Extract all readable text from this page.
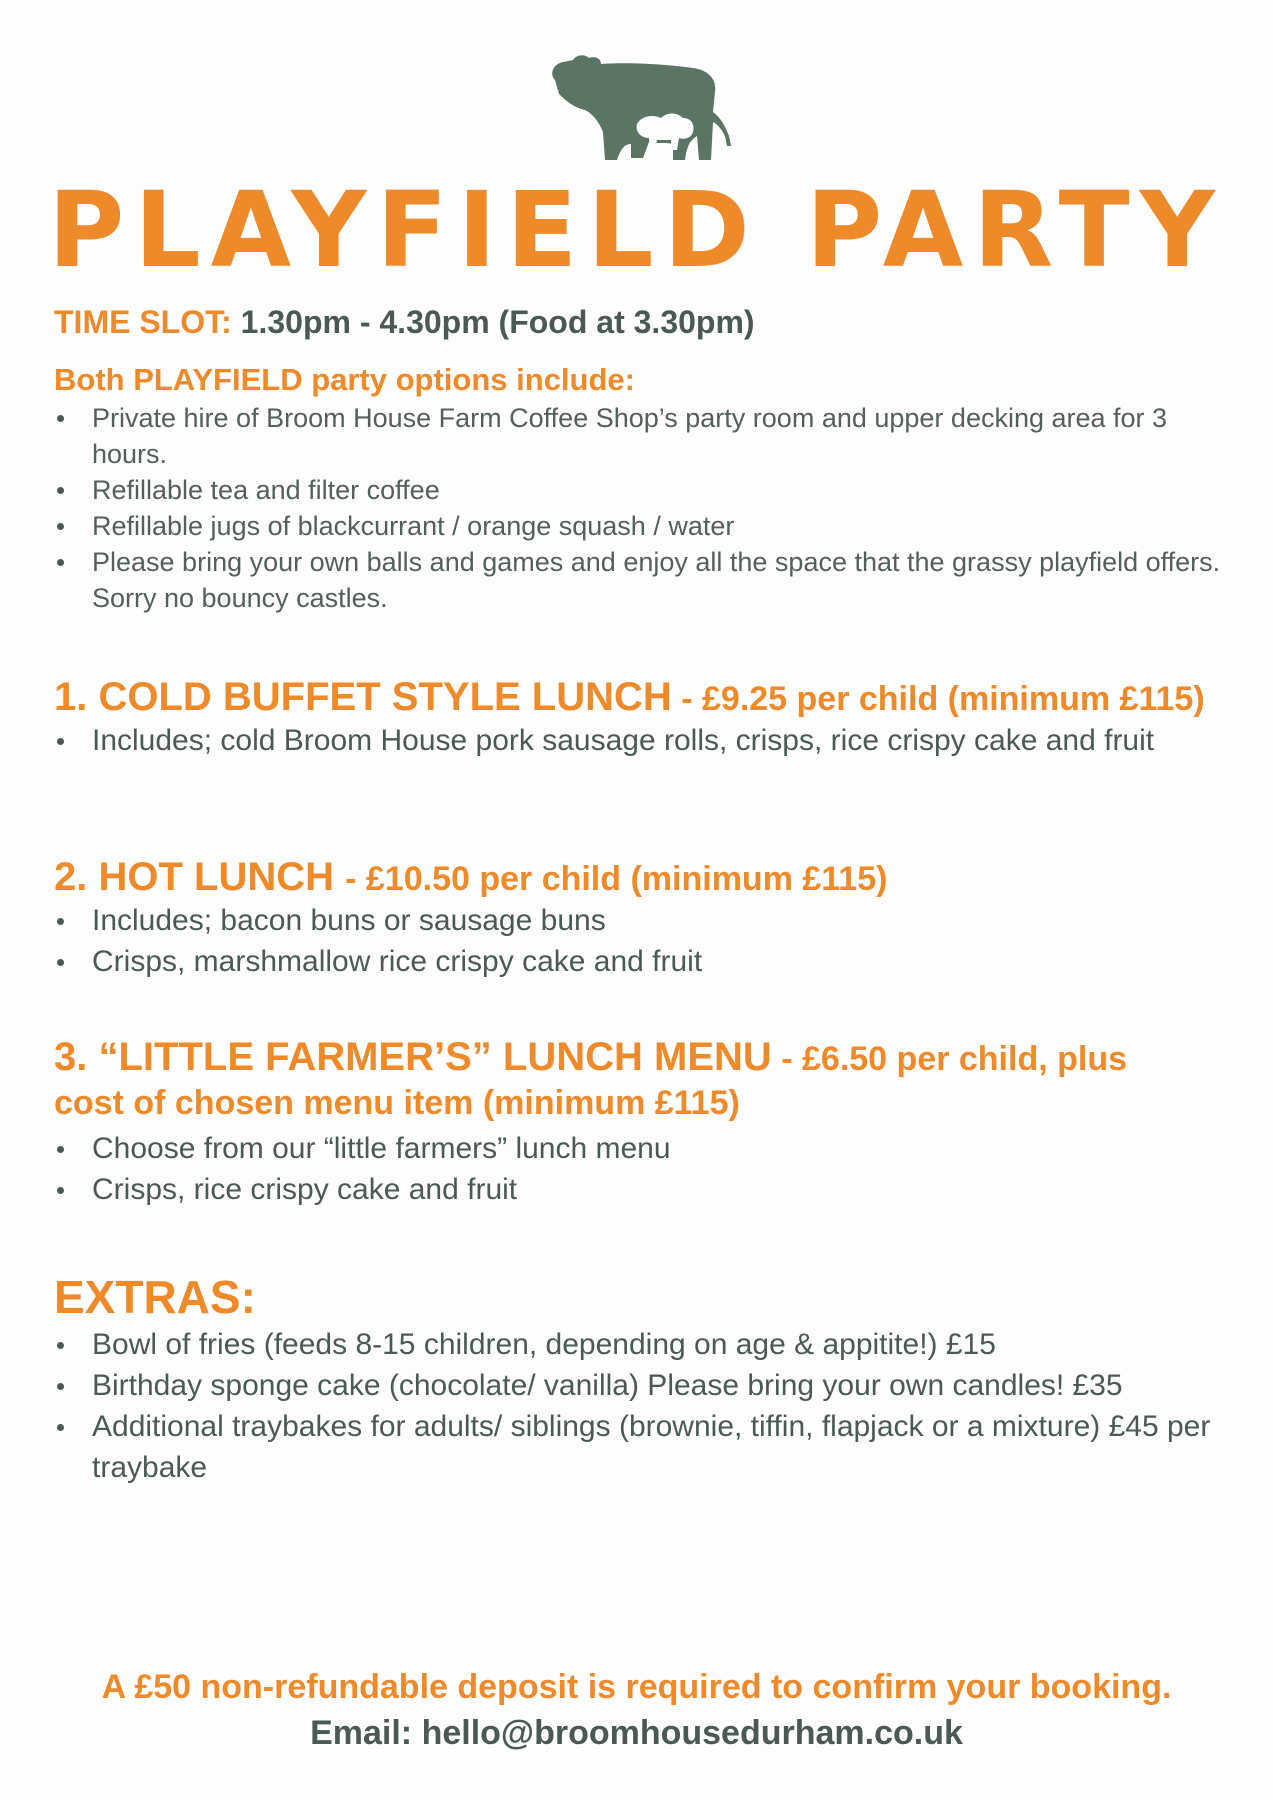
PLAYFIELD PARTY
TIME SLOT: 1.30pm - 4.30pm (Food at 3.30pm)
Both PLAYFIELD party options include:
Private hire of Broom House Farm Coffee Shop’s party room and upper decking area for 3 hours.
Refillable tea and filter coffee
Refillable jugs of blackcurrant / orange squash / water
Please bring your own balls and games and enjoy all the space that the grassy playfield offers. Sorry no bouncy castles.
1. COLD BUFFET STYLE LUNCH - £9.25 per child (minimum £115)
Includes; cold Broom House pork sausage rolls, crisps, rice crispy cake and fruit
2. HOT LUNCH - £10.50 per child (minimum £115)
Includes; bacon buns or sausage buns
Crisps, marshmallow rice crispy cake and fruit
3. “LITTLE FARMER’S” LUNCH MENU - £6.50 per child, plus
cost of chosen menu item (minimum £115)
Choose from our “little farmers” lunch menu
Crisps, rice crispy cake and fruit
EXTRAS:
Bowl of fries (feeds 8-15 children, depending on age & appitite!) £15
Birthday sponge cake (chocolate/ vanilla) Please bring your own candles! £35
Additional traybakes for adults/ siblings (brownie, tiffin, flapjack or a mixture) £45 per traybake
A £50 non-refundable deposit is required to confirm your booking.
Email: hello@broomhousedurham.co.uk
